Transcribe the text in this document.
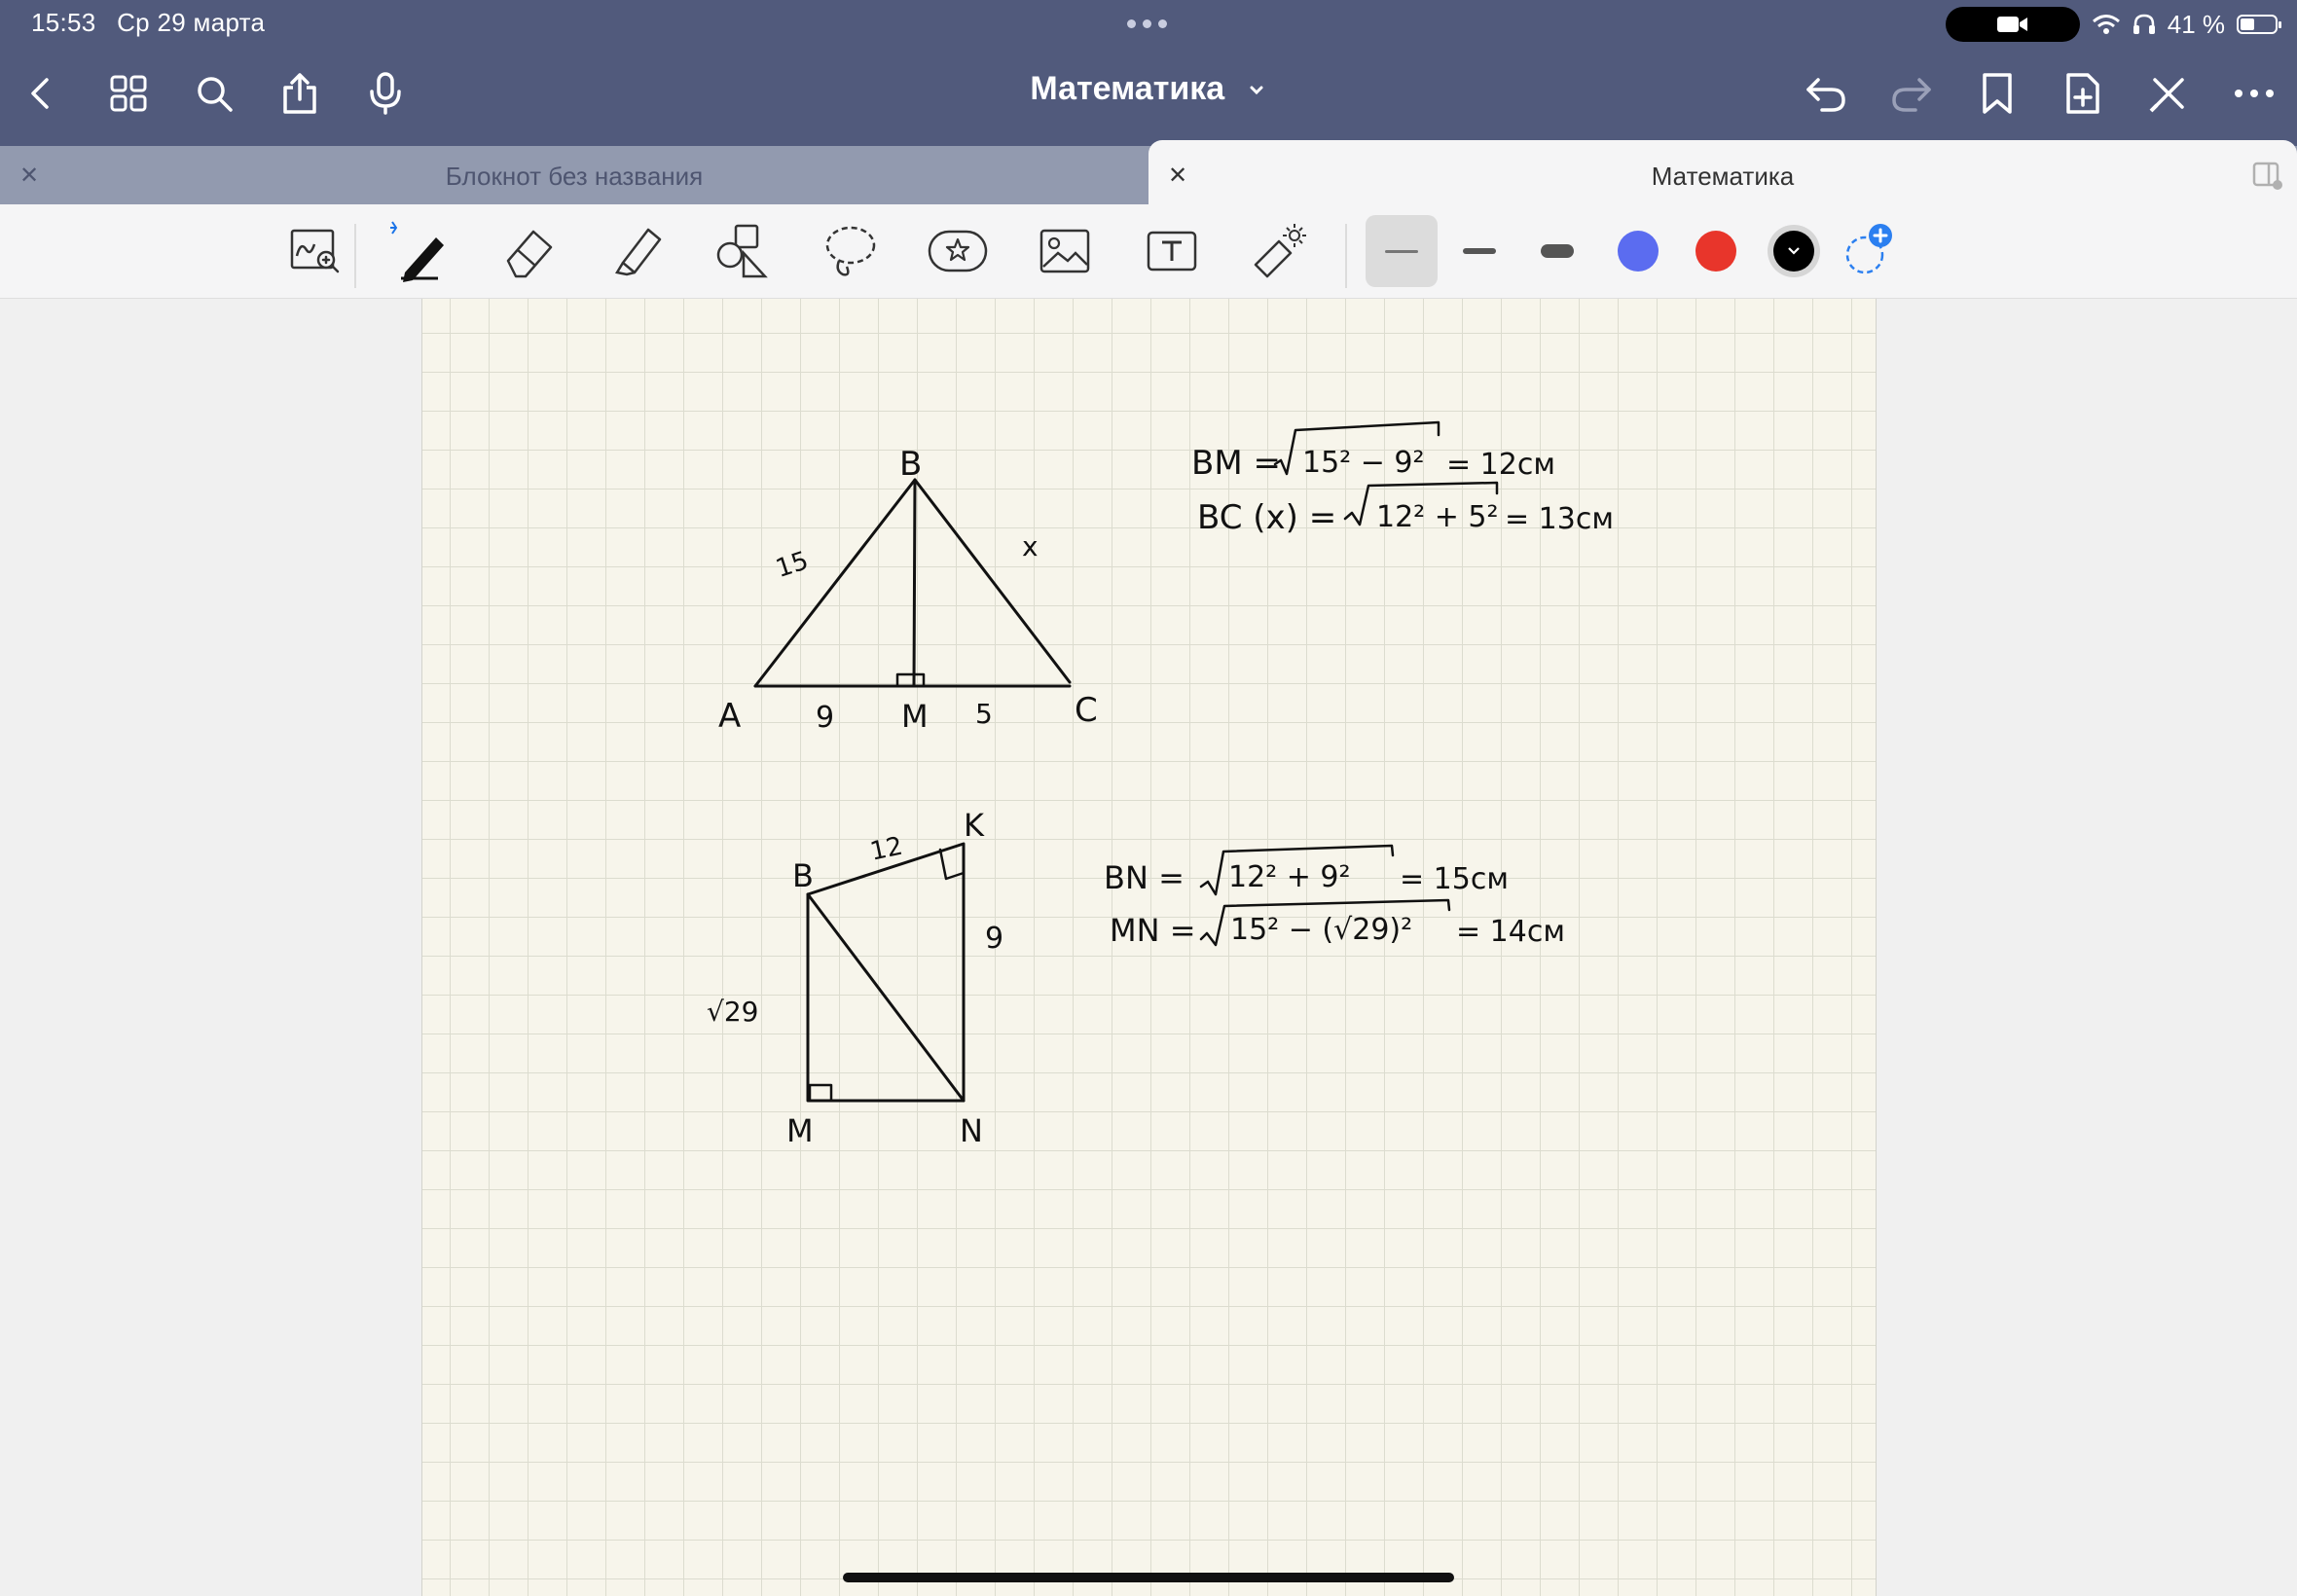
15:53 Ср 29 марта	41 %
Математика
✕	Блокнот без названия	✕	Математика
B
A	C
M
15	x
9	5
B
K
M	N
12
9
√29
BM = 15² − 9² = 12см
BC (x) = 12² + 5² = 13см
BN = 12² + 9² = 15см
MN = 15² − (√29)² = 14см
